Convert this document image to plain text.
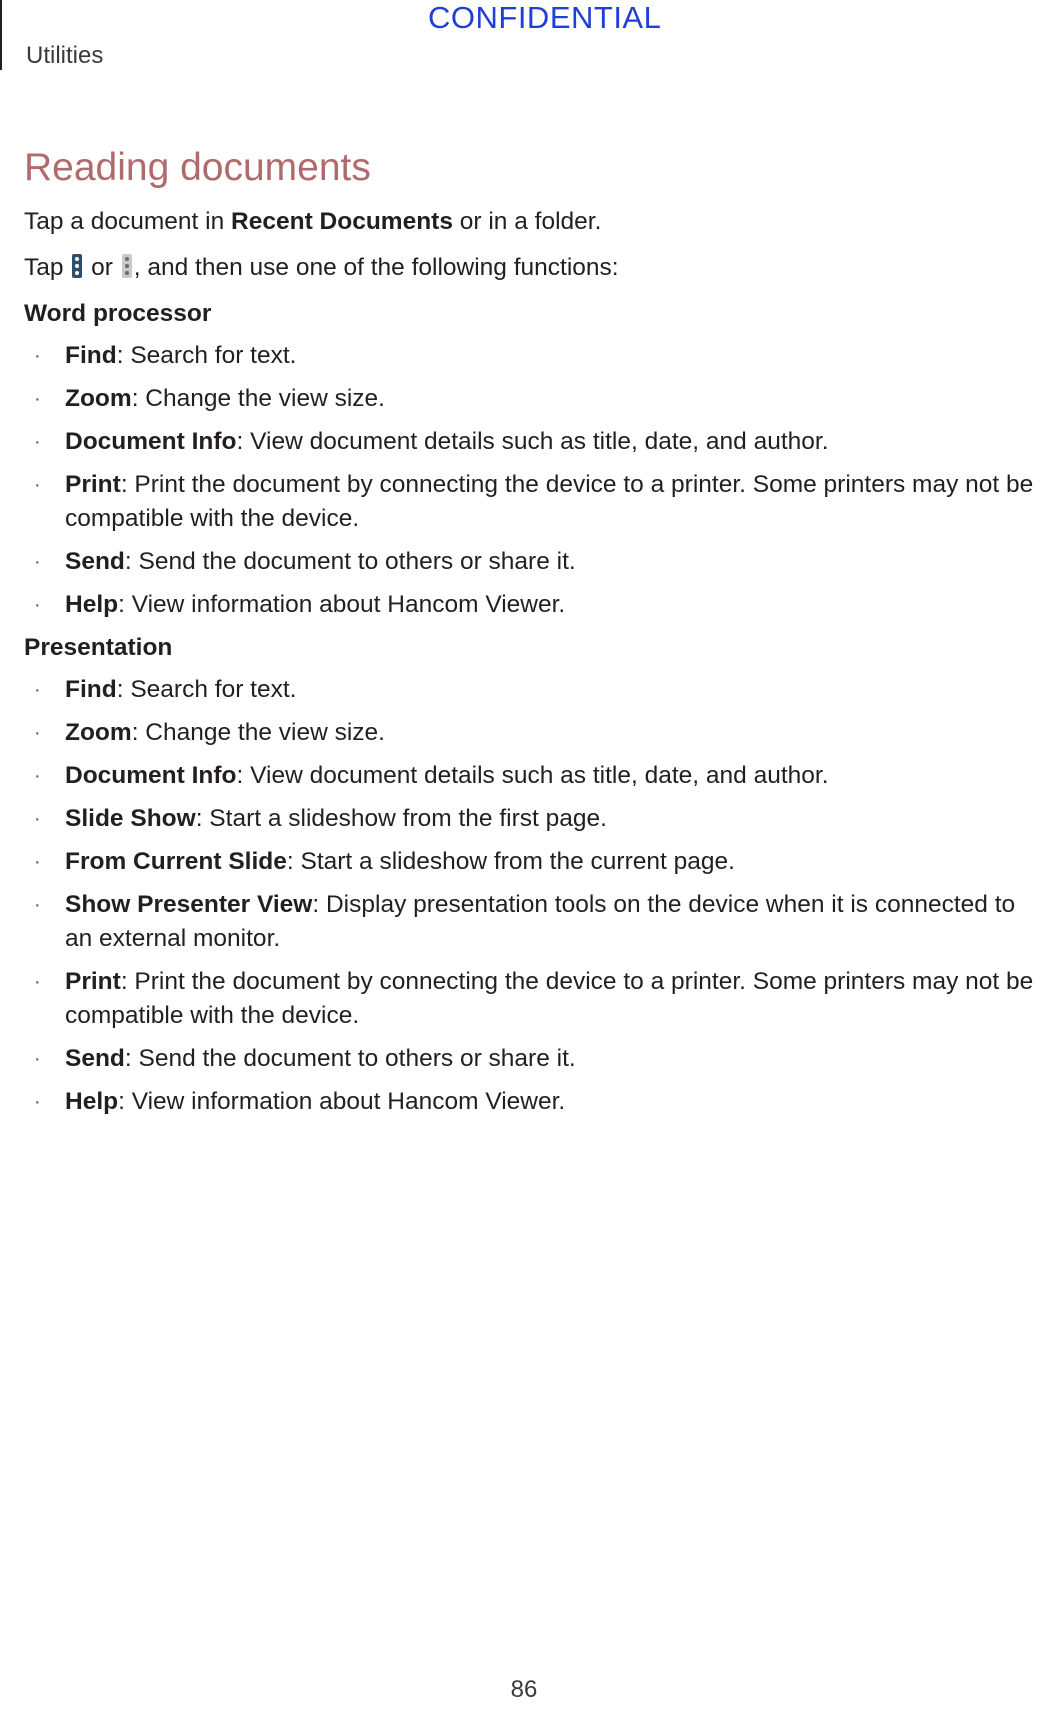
CONFIDENTIAL
Utilities
Reading documents

Tap a document in Recent Documents or in a folder.

Tap  or , and then use one of the following functions:

Word processor
· Find: Search for text.
· Zoom: Change the view size.
· Document Info: View document details such as title, date, and author.
· Print: Print the document by connecting the device to a printer. Some printers may not be compatible with the device.
· Send: Send the document to others or share it.
· Help: View information about Hancom Viewer.
Presentation
· Find: Search for text.
· Zoom: Change the view size.
· Document Info: View document details such as title, date, and author.
· Slide Show: Start a slideshow from the first page.
· From Current Slide: Start a slideshow from the current page.
· Show Presenter View: Display presentation tools on the device when it is connected to an external monitor.
· Print: Print the document by connecting the device to a printer. Some printers may not be compatible with the device.
· Send: Send the document to others or share it.
· Help: View information about Hancom Viewer.
86
